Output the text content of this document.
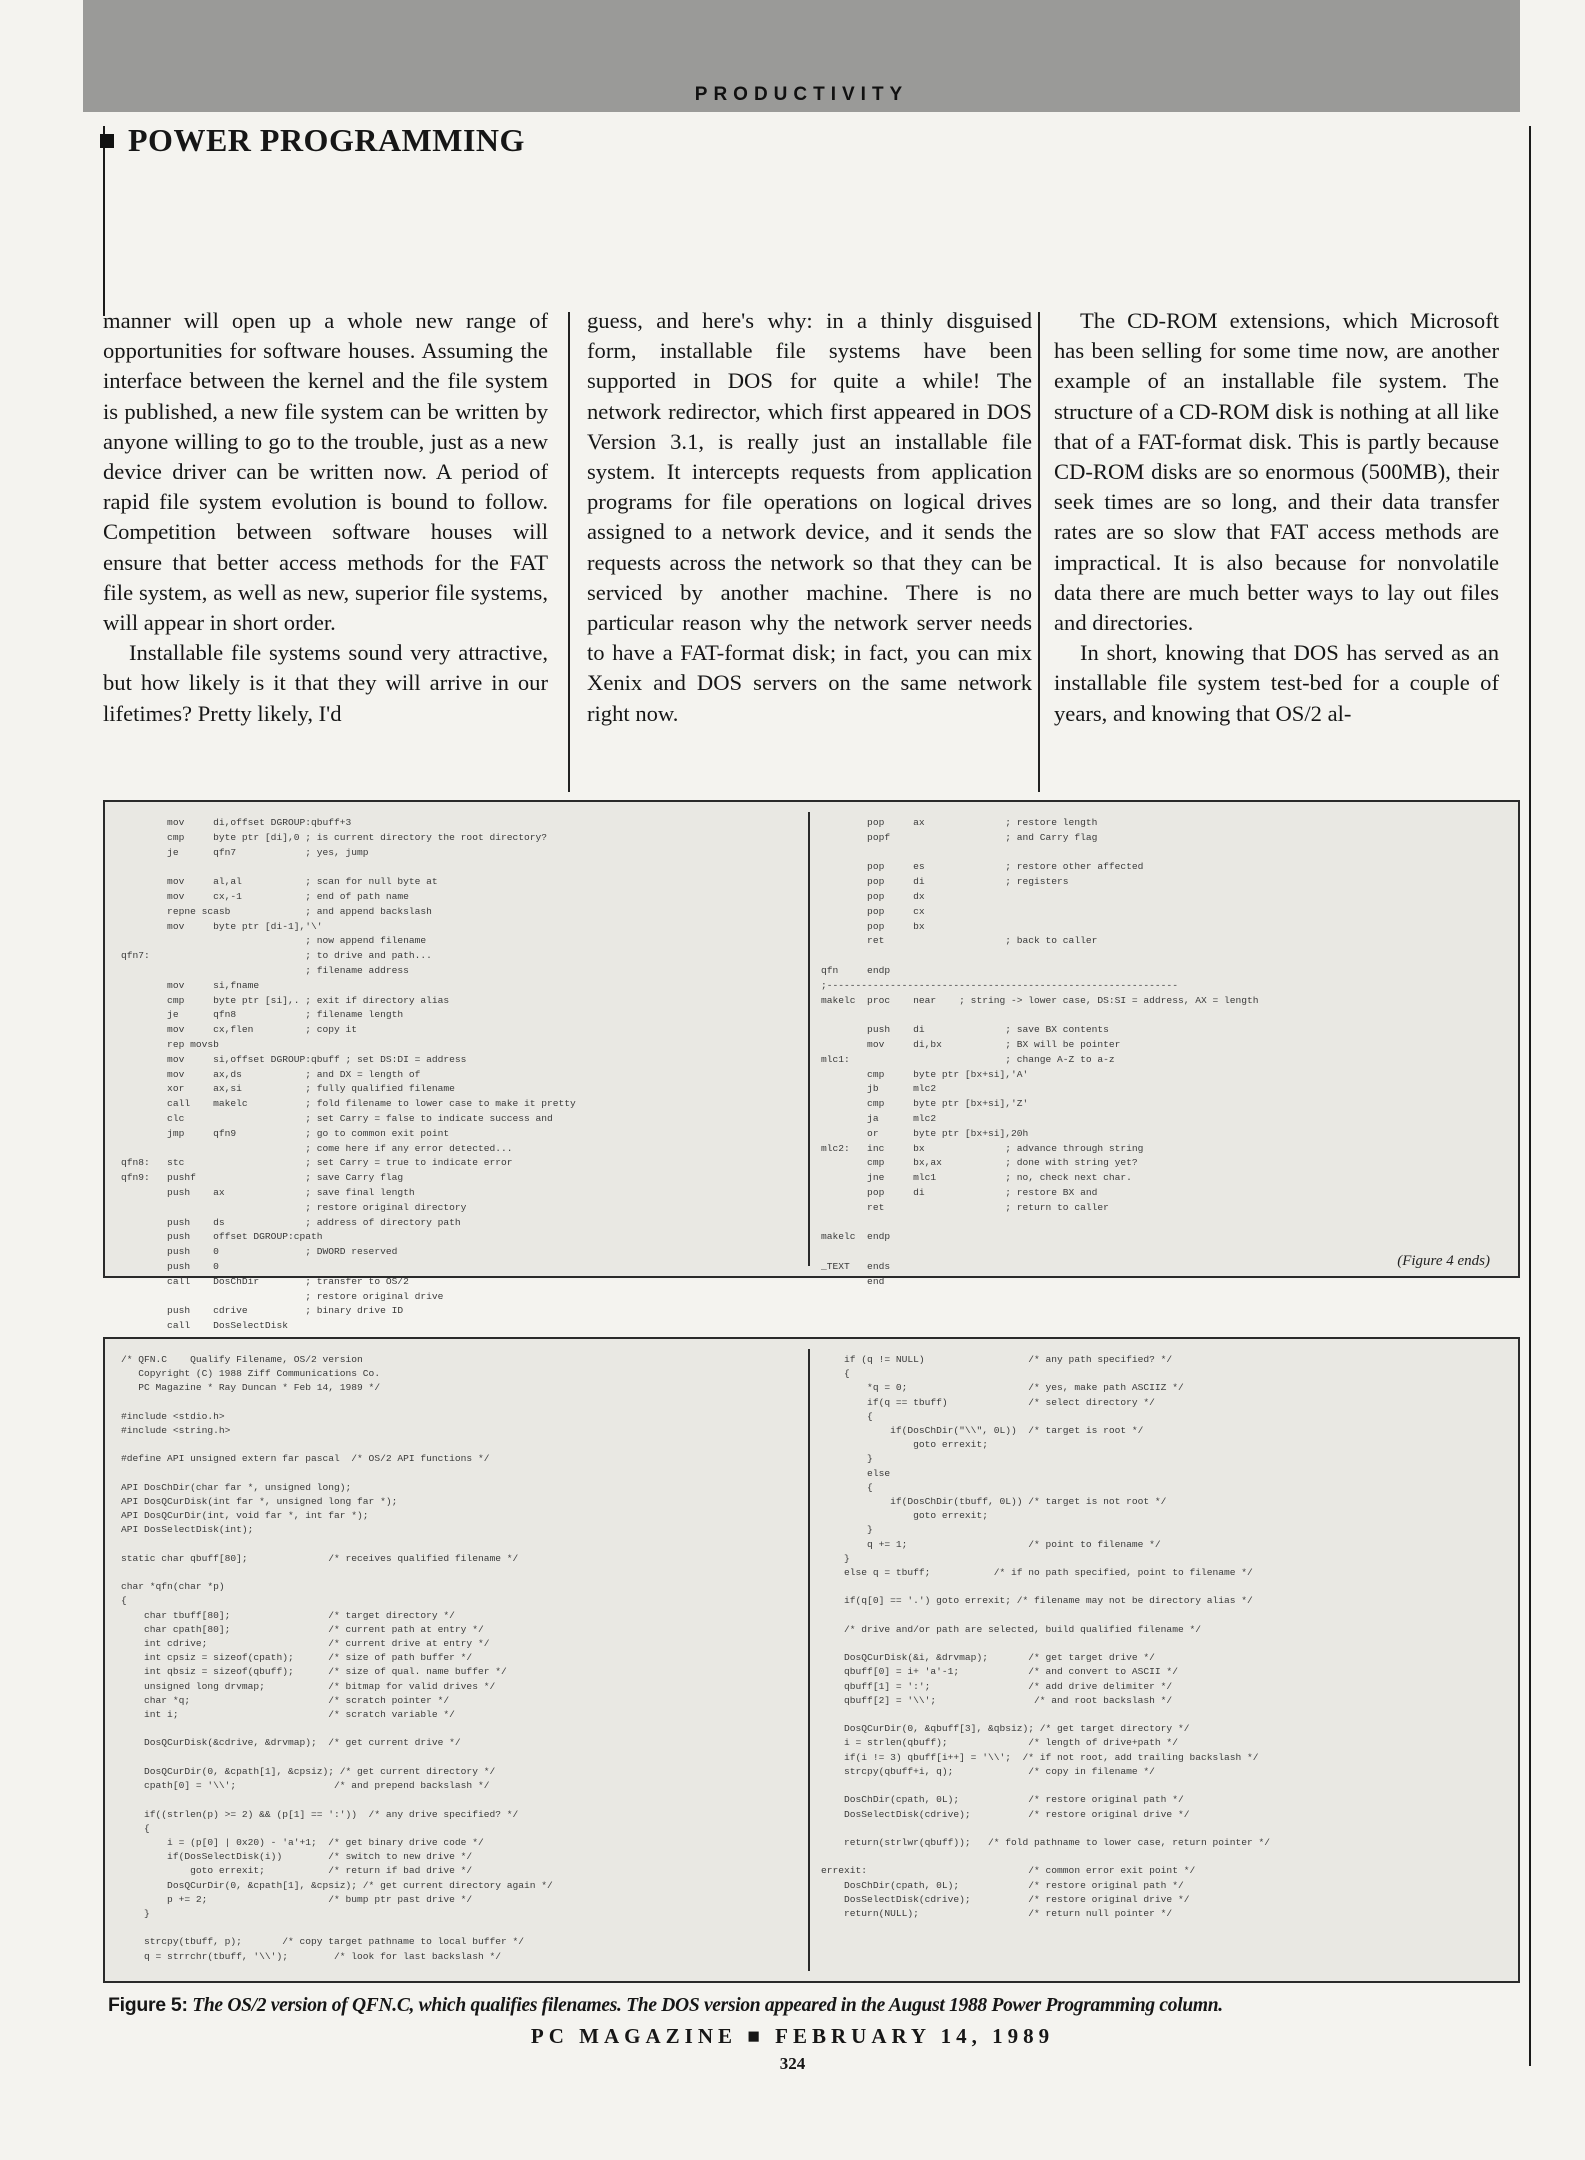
PRODUCTIVITY
POWER PROGRAMMING

manner will open up a whole new range of opportunities for software houses. Assuming the interface between the kernel and the file system is published, a new file system can be written by anyone willing to go to the trouble, just as a new device driver can be written now. A period of rapid file system evolution is bound to follow. Competition between software houses will ensure that better access methods for the FAT file system, as well as new, superior file systems, will appear in short order.

Installable file systems sound very attractive, but how likely is it that they will arrive in our lifetimes? Pretty likely, I'd

guess, and here's why: in a thinly disguised form, installable file systems have been supported in DOS for quite a while! The network redirector, which first appeared in DOS Version 3.1, is really just an installable file system. It intercepts requests from application programs for file operations on logical drives assigned to a network device, and it sends the requests across the network so that they can be serviced by another machine. There is no particular reason why the network server needs to have a FAT-format disk; in fact, you can mix Xenix and DOS servers on the same network right now.

The CD-ROM extensions, which Microsoft has been selling for some time now, are another example of an installable file system. The structure of a CD-ROM disk is nothing at all like that of a FAT-format disk. This is partly because CD-ROM disks are so enormous (500MB), their seek times are so long, and their data transfer rates are so slow that FAT access methods are impractical. It is also because for nonvolatile data there are much better ways to lay out files and directories.

In short, knowing that DOS has served as an installable file system test-bed for a couple of years, and knowing that OS/2 al-

mov     di,offset DGROUP:qbuff+3
cmp     byte ptr [di],0 ; is current directory the root directory?
je      qfn7            ; yes, jump

mov     al,al           ; scan for null byte at
mov     cx,-1           ; end of path name
repne scasb             ; and append backslash
mov     byte ptr [di-1],'\'
; now append filename
qfn7:                           ; to drive and path...
; filename address
mov     si,fname
cmp     byte ptr [si],. ; exit if directory alias
je      qfn8            ; filename length
mov     cx,flen         ; copy it
rep movsb
mov     si,offset DGROUP:qbuff ; set DS:DI = address
mov     ax,ds           ; and DX = length of
xor     ax,si           ; fully qualified filename
call    makelc          ; fold filename to lower case to make it pretty
clc                     ; set Carry = false to indicate success and
jmp     qfn9            ; go to common exit point
; come here if any error detected...
qfn8:   stc                     ; set Carry = true to indicate error
qfn9:   pushf                   ; save Carry flag
push    ax              ; save final length
; restore original directory
push    ds              ; address of directory path
push    offset DGROUP:cpath
push    0               ; DWORD reserved
push    0
call    DosChDir        ; transfer to OS/2
; restore original drive
push    cdrive          ; binary drive ID
call    DosSelectDisk
pop     ax              ; restore length
popf                    ; and Carry flag

pop     es              ; restore other affected
pop     di              ; registers
pop     dx
pop     cx
pop     bx
ret                     ; back to caller

qfn     endp
;-------------------------------------------------------------
makelc  proc    near    ; string -> lower case, DS:SI = address, AX = length

push    di              ; save BX contents
mov     di,bx           ; BX will be pointer
mlc1:                           ; change A-Z to a-z
cmp     byte ptr [bx+si],'A'
jb      mlc2
cmp     byte ptr [bx+si],'Z'
ja      mlc2
or      byte ptr [bx+si],20h
mlc2:   inc     bx              ; advance through string
cmp     bx,ax           ; done with string yet?
jne     mlc1            ; no, check next char.
pop     di              ; restore BX and
ret                     ; return to caller

makelc  endp

_TEXT   ends
end
(Figure 4 ends)
/* QFN.C    Qualify Filename, OS/2 version
Copyright (C) 1988 Ziff Communications Co.
PC Magazine * Ray Duncan * Feb 14, 1989 */

#include <stdio.h>
#include <string.h>

#define API unsigned extern far pascal  /* OS/2 API functions */

API DosChDir(char far *, unsigned long);
API DosQCurDisk(int far *, unsigned long far *);
API DosQCurDir(int, void far *, int far *);
API DosSelectDisk(int);

static char qbuff[80];              /* receives qualified filename */

char *qfn(char *p)
{
char tbuff[80];                 /* target directory */
char cpath[80];                 /* current path at entry */
int cdrive;                     /* current drive at entry */
int cpsiz = sizeof(cpath);      /* size of path buffer */
int qbsiz = sizeof(qbuff);      /* size of qual. name buffer */
unsigned long drvmap;           /* bitmap for valid drives */
char *q;                        /* scratch pointer */
int i;                          /* scratch variable */

DosQCurDisk(&cdrive, &drvmap);  /* get current drive */

DosQCurDir(0, &cpath[1], &cpsiz); /* get current directory */
cpath[0] = '\\';                 /* and prepend backslash */

if((strlen(p) >= 2) && (p[1] == ':'))  /* any drive specified? */
{
i = (p[0] | 0x20) - 'a'+1;  /* get binary drive code */
if(DosSelectDisk(i))        /* switch to new drive */
goto errexit;           /* return if bad drive */
DosQCurDir(0, &cpath[1], &cpsiz); /* get current directory again */
p += 2;                     /* bump ptr past drive */
}

strcpy(tbuff, p);       /* copy target pathname to local buffer */
q = strrchr(tbuff, '\\');        /* look for last backslash */
if (q != NULL)                  /* any path specified? */
{
*q = 0;                     /* yes, make path ASCIIZ */
if(q == tbuff)              /* select directory */
{
if(DosChDir("\\", 0L))  /* target is root */
goto errexit;
}
else
{
if(DosChDir(tbuff, 0L)) /* target is not root */
goto errexit;
}
q += 1;                     /* point to filename */
}
else q = tbuff;           /* if no path specified, point to filename */

if(q[0] == '.') goto errexit; /* filename may not be directory alias */

/* drive and/or path are selected, build qualified filename */

DosQCurDisk(&i, &drvmap);       /* get target drive */
qbuff[0] = i+ 'a'-1;            /* and convert to ASCII */
qbuff[1] = ':';                 /* add drive delimiter */
qbuff[2] = '\\';                 /* and root backslash */

DosQCurDir(0, &qbuff[3], &qbsiz); /* get target directory */
i = strlen(qbuff);              /* length of drive+path */
if(i != 3) qbuff[i++] = '\\';  /* if not root, add trailing backslash */
strcpy(qbuff+i, q);             /* copy in filename */

DosChDir(cpath, 0L);            /* restore original path */
DosSelectDisk(cdrive);          /* restore original drive */

return(strlwr(qbuff));   /* fold pathname to lower case, return pointer */

errexit:                            /* common error exit point */
DosChDir(cpath, 0L);            /* restore original path */
DosSelectDisk(cdrive);          /* restore original drive */
return(NULL);                   /* return null pointer */
Figure 5: The OS/2 version of QFN.C, which qualifies filenames. The DOS version appeared in the August 1988 Power Programming column.
PC MAGAZINE ■ FEBRUARY 14, 1989
324
